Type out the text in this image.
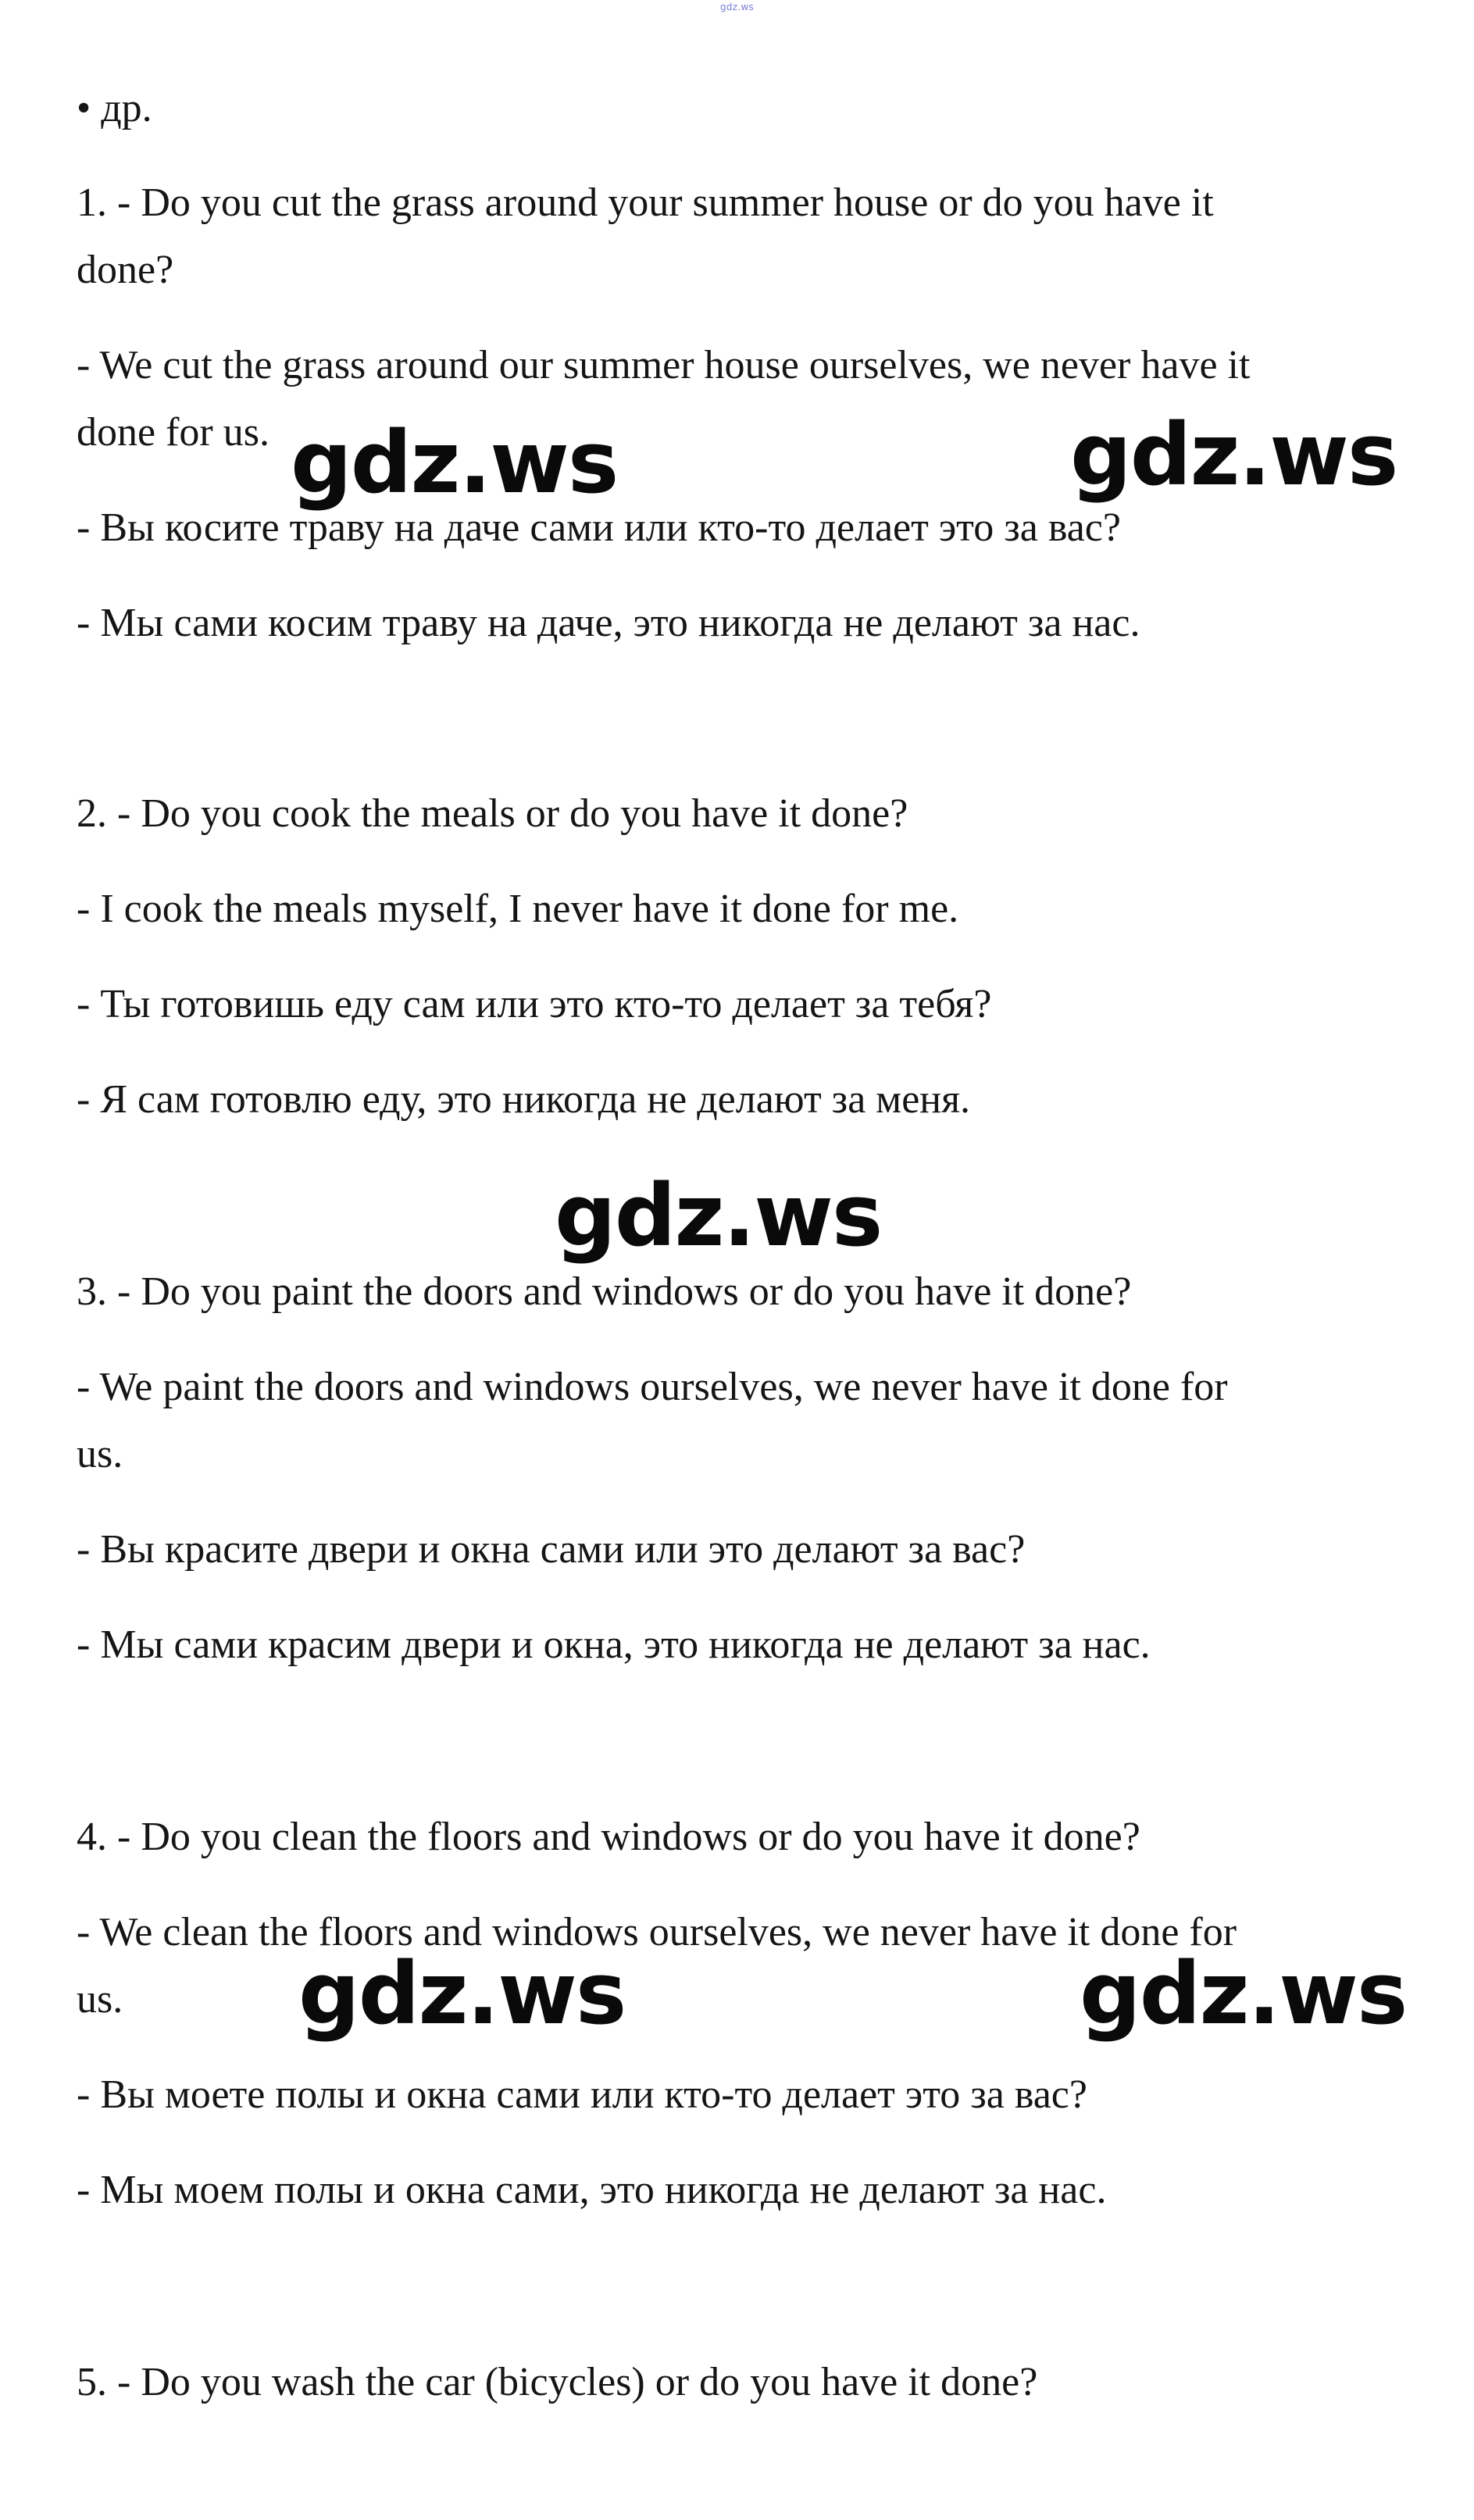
gdz.ws

• др.

1. - Do you cut the grass around your summer house or do you have it

done?

- We cut the grass around our summer house ourselves, we never have it

done for us.

- Вы косите траву на даче сами или кто-то делает это за вас?

- Мы сами косим траву на даче, это никогда не делают за нас.

2. - Do you cook the meals or do you have it done?

- I cook the meals myself, I never have it done for me.

- Ты готовишь еду сам или это кто-то делает за тебя?

- Я сам готовлю еду, это никогда не делают за меня.

3. - Do you paint the doors and windows or do you have it done?

- We paint the doors and windows ourselves, we never have it done for

us.

- Вы красите двери и окна сами или это делают за вас?

- Мы сами красим двери и окна, это никогда не делают за нас.

4. - Do you clean the floors and windows or do you have it done?

- We clean the floors and windows ourselves, we never have it done for

us.

- Вы моете полы и окна сами или кто-то делает это за вас?

- Мы моем полы и окна сами, это никогда не делают за нас.

5. - Do you wash the car (bicycles) or do you have it done?

gdz.ws	gdz.ws
gdz.ws
gdz.ws	gdz.ws
